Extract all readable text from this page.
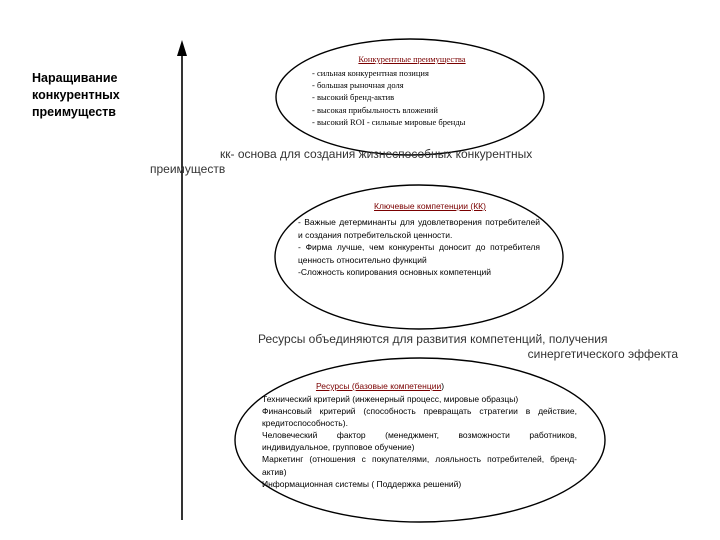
Наращивание
конкурентных
преимуществ
Конкурентные преимущества
- сильная конкурентная позиция
- большая рыночная доля
- высокий бренд-актив
- высокая прибыльность вложений
- высокий ROI - сильные мировые бренды
кк- основа для создания жизнеспособных конкурентных
преимуществ
Ключевые компетенции (КК)
- Важные детерминанты для удовлетворения потребителей и создания потребительской ценности.
- Фирма лучше, чем конкуренты доносит до потребителя ценность относительно функций
-Сложность копирования основных компетенций
Ресурсы объединяются для развития компетенций, получения
синергетического эффекта
Ресурсы (базовые компетенции)
Технический критерий (инженерный процесс, мировые образцы)
Финансовый критерий (способность превращать стратегии в действие, кредитоспособность).
Человеческий фактор (менеджмент, возможности работников, индивидуальное, групповое обучение)
Маркетинг (отношения с покупателями, лояльность потребителей, бренд-актив)
Информационная системы ( Поддержка решений)
